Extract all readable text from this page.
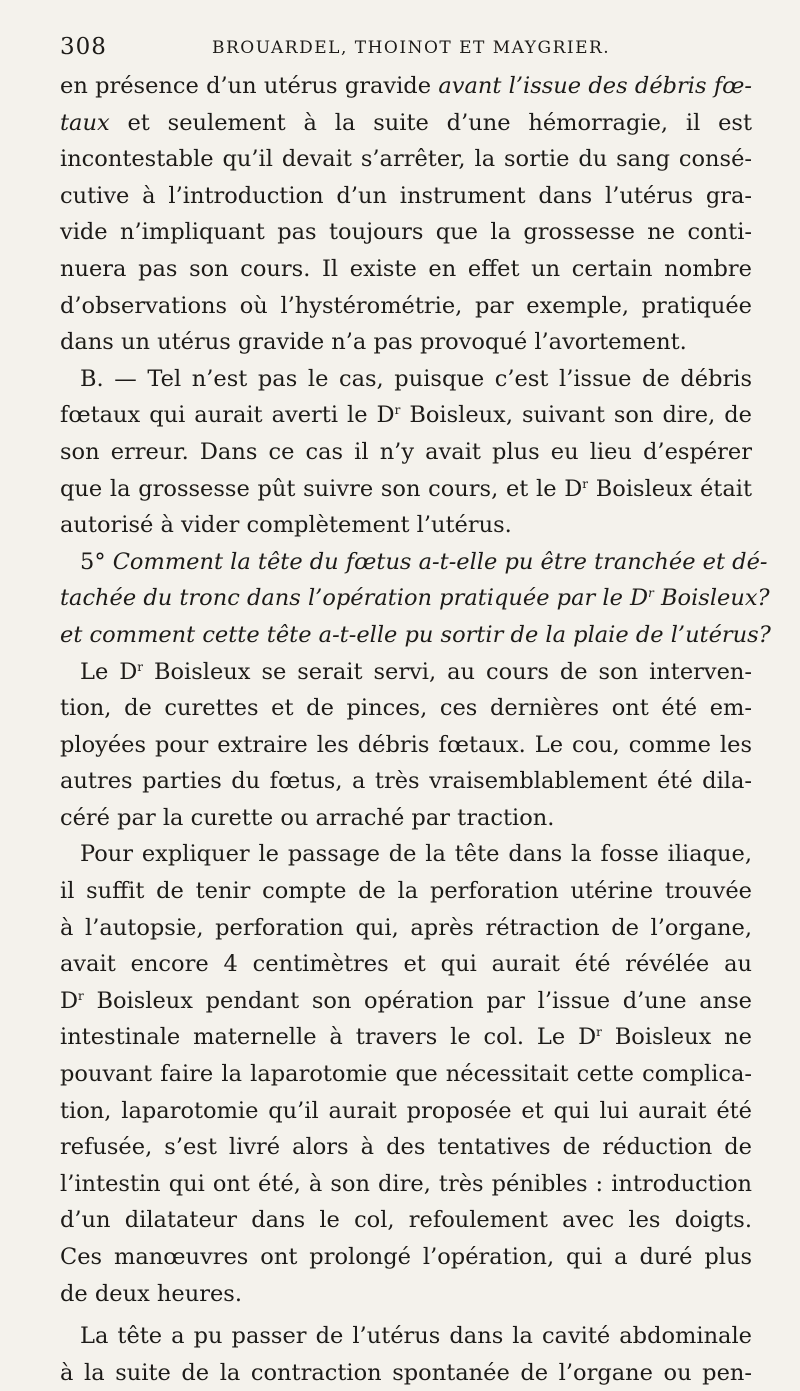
308	BROUARDEL, THOINOT ET MAYGRIER.
en présence d’un utérus gravide avant l’issue des débris fœ-
taux et seulement à la suite d’une hémorragie, il est
incontestable qu’il devait s’arrêter, la sortie du sang consé-
cutive à l’introduction d’un instrument dans l’utérus gra-
vide n’impliquant pas toujours que la grossesse ne conti-
nuera pas son cours. Il existe en effet un certain nombre
d’observations où l’hystérométrie, par exemple, pratiquée
dans un utérus gravide n’a pas provoqué l’avortement.
B. — Tel n’est pas le cas, puisque c’est l’issue de débris
fœtaux qui aurait averti le $D^r$ Boisleux, suivant son dire, de
son erreur. Dans ce cas il n’y avait plus eu lieu d’espérer
que la grossesse pût suivre son cours, et le $D^r$ Boisleux était
autorisé à vider complètement l’utérus.
5° Comment la tête du fœtus a-t-elle pu être tranchée et dé-
tachée du tronc dans l’opération pratiquée par le $D^r$ Boisleux?
et comment cette tête a-t-elle pu sortir de la plaie de l’utérus?
Le $D^r$ Boisleux se serait servi, au cours de son interven-
tion, de curettes et de pinces, ces dernières ont été em-
ployées pour extraire les débris fœtaux. Le cou, comme les
autres parties du fœtus, a très vraisemblablement été dila-
céré par la curette ou arraché par traction.
Pour expliquer le passage de la tête dans la fosse iliaque,
il suffit de tenir compte de la perforation utérine trouvée
à l’autopsie, perforation qui, après rétraction de l’organe,
avait encore 4 centimètres et qui aurait été révélée au
$D^r$ Boisleux pendant son opération par l’issue d’une anse
intestinale maternelle à travers le col. Le $D^r$ Boisleux ne
pouvant faire la laparotomie que nécessitait cette complica-
tion, laparotomie qu’il aurait proposée et qui lui aurait été
refusée, s’est livré alors à des tentatives de réduction de
l’intestin qui ont été, à son dire, très pénibles : introduction
d’un dilatateur dans le col, refoulement avec les doigts.
Ces manœuvres ont prolongé l’opération, qui a duré plus
de deux heures.
La tête a pu passer de l’utérus dans la cavité abdominale
à la suite de la contraction spontanée de l’organe ou pen-
